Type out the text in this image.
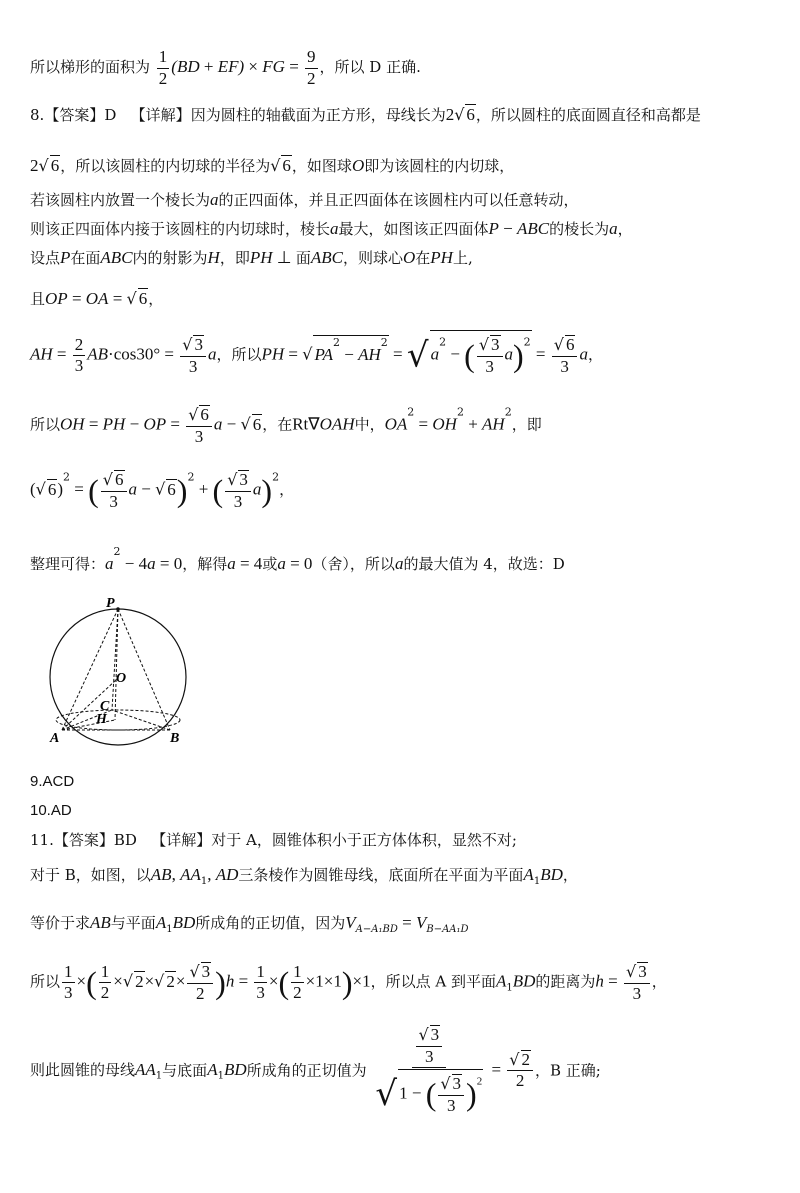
所以梯形的面积为 $\frac{1}{2} (BD + EF)$ × FG = $\frac{9}{2}$ ，所以 D 正确.
8.【答案】D 【详解】因为圆柱的轴截面为正方形，母线长为2√ 6，所以圆柱的底面圆直径和高都是
2√ 6，所以该圆柱的内切球的半径为√ 6，如图球O即为该圆柱的内切球，
若该圆柱内放置一个棱长为a的正四面体，并且正四面体在该圆柱内可以任意转动，
则该正四面体内接于该圆柱的内切球时，棱长a最大，如图该正四面体P − ABC的棱长为a，
设点P在面ABC内的射影为H，即PH ⊥ 面ABC，则球心O在PH上,
且OP = OA = √ 6，
AH = $\frac{2}{3} AB\cdot\cos 30^\circ = \frac{√ 3}{3}$ a，所以PH = √ $PA^2 - AH^2$ = √ $a^2$ − ( $\frac{√ 3}{3} a)^2 = \frac{√ 6}{3}$ a，
所以OH = PH − OP = $\frac{√ 6}{3}$ a − √ 6，在Rt∇OAH中，$OA^2 = OH^2 + AH^2$，即
(√ 6)$^2$ = ( $\frac{√ 6}{3}$ a − √ 6)$^2$ + ( $\frac{√ 3}{3} a)^2$，
整理可得：$a^2 - 4a = 0$，解得a = 4或a = 0（舍），所以a的最大值为 4，故选：D
P
O
C
H
A	B
9.ACD
10.AD
11.【答案】BD 【详解】对于 A，圆锥体积小于正方体体积，显然不对;
对于 B，如图，以AB, $AA_1$, AD三条棱作为圆锥母线，底面所在平面为平面$A_1BD$，
等价于求AB与平面$A_1BD$所成角的正切值，因为$V_{A-A_1BD} = V_{B-AA_1D}$
所以 $\frac{1}{3}$ ×( $\frac{1}{2}$ ×√ 2×√ $2\times \frac{√ 3}{2} )h = \frac{1}{3}$ ×( $\frac{1}{2} \times 1\times 1)\times 1$，所以点 A 到平面$A_1BD$的距离为$h = \frac{√ 3}{3}$ ，
则此圆锥的母线$AA_1$与底面$A_1BD$所成角的正切值为 $\frac{\frac{√ 3}{3}}{√ 1 - ( \frac{√ 3}{3} )^2} = \frac{√ 2}{2}$ ，B 正确;
